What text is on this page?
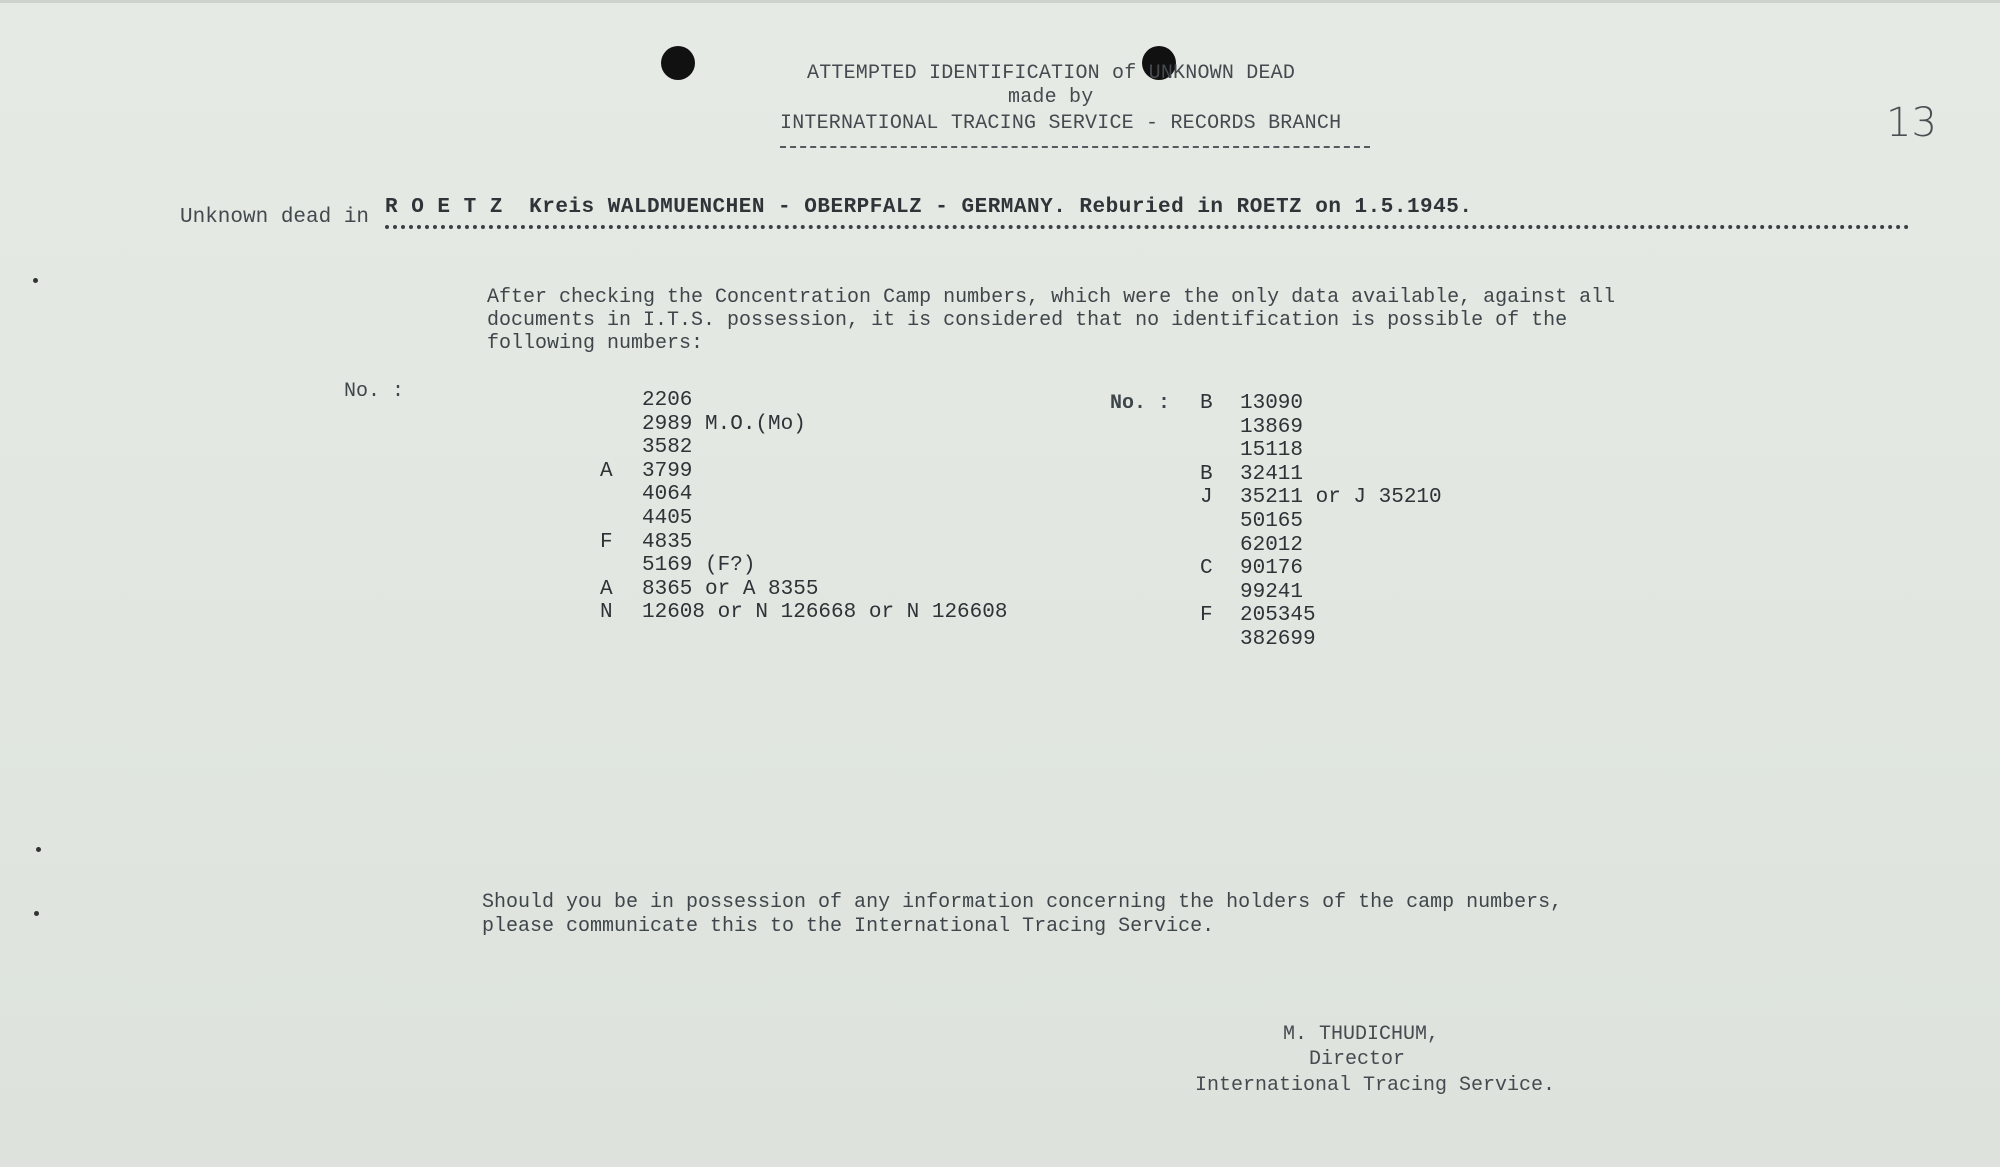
ATTEMPTED IDENTIFICATION of UNKNOWN DEAD
made by
INTERNATIONAL TRACING SERVICE - RECORDS BRANCH	13
Unknown dead in R O E T Z  Kreis WALDMUENCHEN - OBERPFALZ - GERMANY. Reburied in ROETZ on 1.5.1945.
After checking the Concentration Camp numbers, which were the only data available, against all
documents in I.T.S. possession, it is considered that no identification is possible of the
following numbers:
No. :	2206
2989 M.O.(Mo)
3582
A 3799
4064
4405
F 4835
5169 (F?)
A 8365 or A 8355
N 12608 or N 126668 or N 126608
No. : B 13090
13869
15118
B 32411
J 35211 or J 35210
50165
62012
C 90176
99241
F 205345
382699
Should you be in possession of any information concerning the holders of the camp numbers,
please communicate this to the International Tracing Service.
M. THUDICHUM,
Director
International Tracing Service.
